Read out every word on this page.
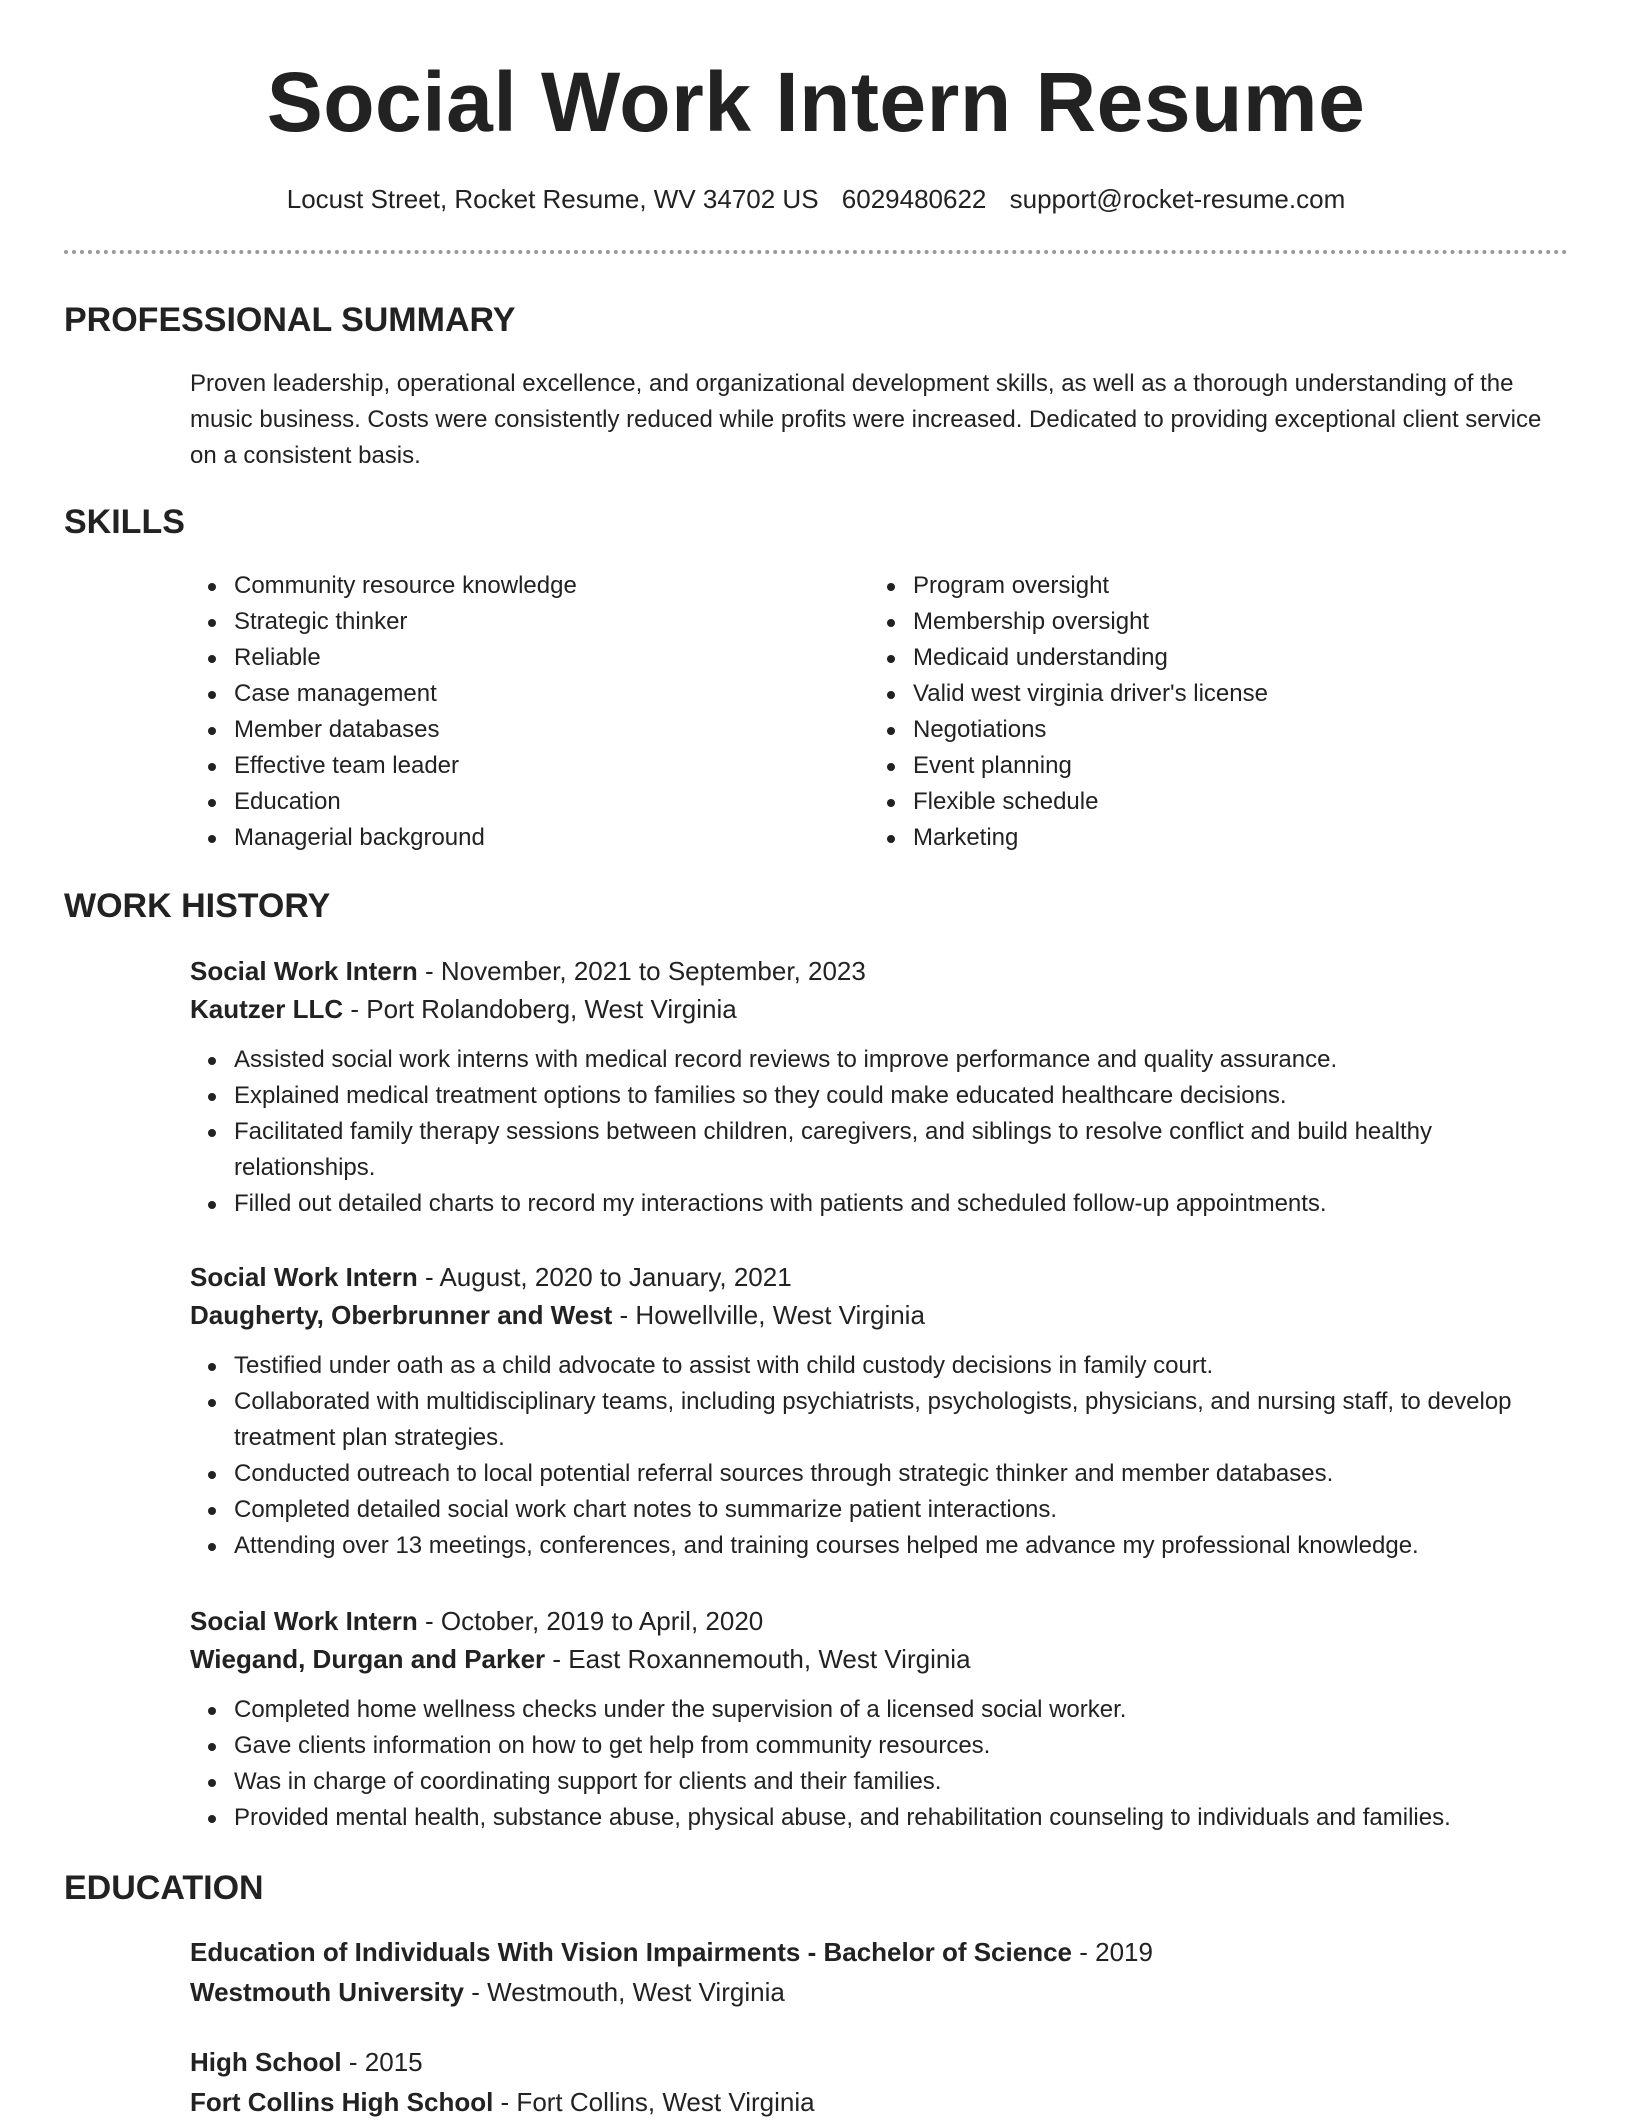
Social Work Intern Resume
Locust Street, Rocket Resume, WV 34702 US 6029480622 support@rocket-resume.com
PROFESSIONAL SUMMARY
Proven leadership, operational excellence, and organizational development skills, as well as a thorough understanding of the music business. Costs were consistently reduced while profits were increased. Dedicated to providing exceptional client service on a consistent basis.
SKILLS
Community resource knowledge
Strategic thinker
Reliable
Case management
Member databases
Effective team leader
Education
Managerial background
Program oversight
Membership oversight
Medicaid understanding
Valid west virginia driver's license
Negotiations
Event planning
Flexible schedule
Marketing
WORK HISTORY
Social Work Intern - November, 2021 to September, 2023
Kautzer LLC - Port Rolandoberg, West Virginia
Assisted social work interns with medical record reviews to improve performance and quality assurance.
Explained medical treatment options to families so they could make educated healthcare decisions.
Facilitated family therapy sessions between children, caregivers, and siblings to resolve conflict and build healthy relationships.
Filled out detailed charts to record my interactions with patients and scheduled follow-up appointments.
Social Work Intern - August, 2020 to January, 2021
Daugherty, Oberbrunner and West - Howellville, West Virginia
Testified under oath as a child advocate to assist with child custody decisions in family court.
Collaborated with multidisciplinary teams, including psychiatrists, psychologists, physicians, and nursing staff, to develop treatment plan strategies.
Conducted outreach to local potential referral sources through strategic thinker and member databases.
Completed detailed social work chart notes to summarize patient interactions.
Attending over 13 meetings, conferences, and training courses helped me advance my professional knowledge.
Social Work Intern - October, 2019 to April, 2020
Wiegand, Durgan and Parker - East Roxannemouth, West Virginia
Completed home wellness checks under the supervision of a licensed social worker.
Gave clients information on how to get help from community resources.
Was in charge of coordinating support for clients and their families.
Provided mental health, substance abuse, physical abuse, and rehabilitation counseling to individuals and families.
EDUCATION
Education of Individuals With Vision Impairments - Bachelor of Science - 2019
Westmouth University - Westmouth, West Virginia
High School - 2015
Fort Collins High School - Fort Collins, West Virginia
